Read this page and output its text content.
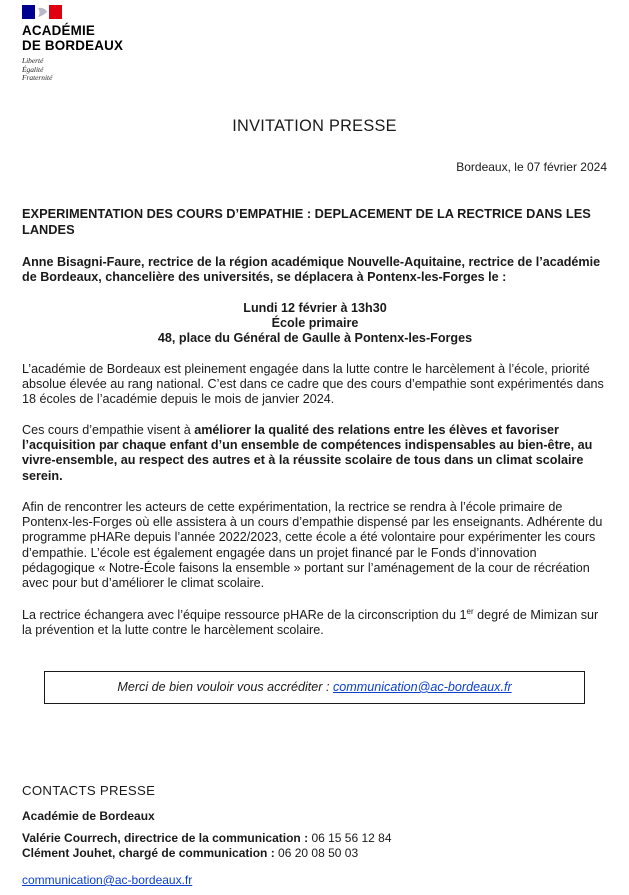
ACADÉMIE
DE BORDEAUX
Liberté
Égalité
Fraternité
INVITATION PRESSE
Bordeaux, le 07 février 2024
EXPERIMENTATION DES COURS D’EMPATHIE : DEPLACEMENT DE LA RECTRICE DANS LES LANDES
Anne Bisagni-Faure, rectrice de la région académique Nouvelle-Aquitaine, rectrice de l’académie de Bordeaux, chancelière des universités, se déplacera à Pontenx-les-Forges le :
Lundi 12 février à 13h30
École primaire
48, place du Général de Gaulle à Pontenx-les-Forges
L’académie de Bordeaux est pleinement engagée dans la lutte contre le harcèlement à l’école, priorité absolue élevée au rang national. C’est dans ce cadre que des cours d’empathie sont expérimentés dans 18 écoles de l’académie depuis le mois de janvier 2024.
Ces cours d’empathie visent à améliorer la qualité des relations entre les élèves et favoriser l’acquisition par chaque enfant d’un ensemble de compétences indispensables au bien-être, au vivre-ensemble, au respect des autres et à la réussite scolaire de tous dans un climat scolaire serein.
Afin de rencontrer les acteurs de cette expérimentation, la rectrice se rendra à l’école primaire de Pontenx-les-Forges où elle assistera à un cours d’empathie dispensé par les enseignants. Adhérente du programme pHARe depuis l’année 2022/2023, cette école a été volontaire pour expérimenter les cours d’empathie. L’école est également engagée dans un projet financé par le Fonds d’innovation pédagogique « Notre-École faisons la ensemble » portant sur l’aménagement de la cour de récréation avec pour but d’améliorer le climat scolaire.
La rectrice échangera avec l’équipe ressource pHARe de la circonscription du 1er degré de Mimizan sur la prévention et la lutte contre le harcèlement scolaire.
Merci de bien vouloir vous accréditer : communication@ac-bordeaux.fr
CONTACTS PRESSE
Académie de Bordeaux
Valérie Courrech, directrice de la communication : 06 15 56 12 84
Clément Jouhet, chargé de communication : 06 20 08 50 03
communication@ac-bordeaux.fr
